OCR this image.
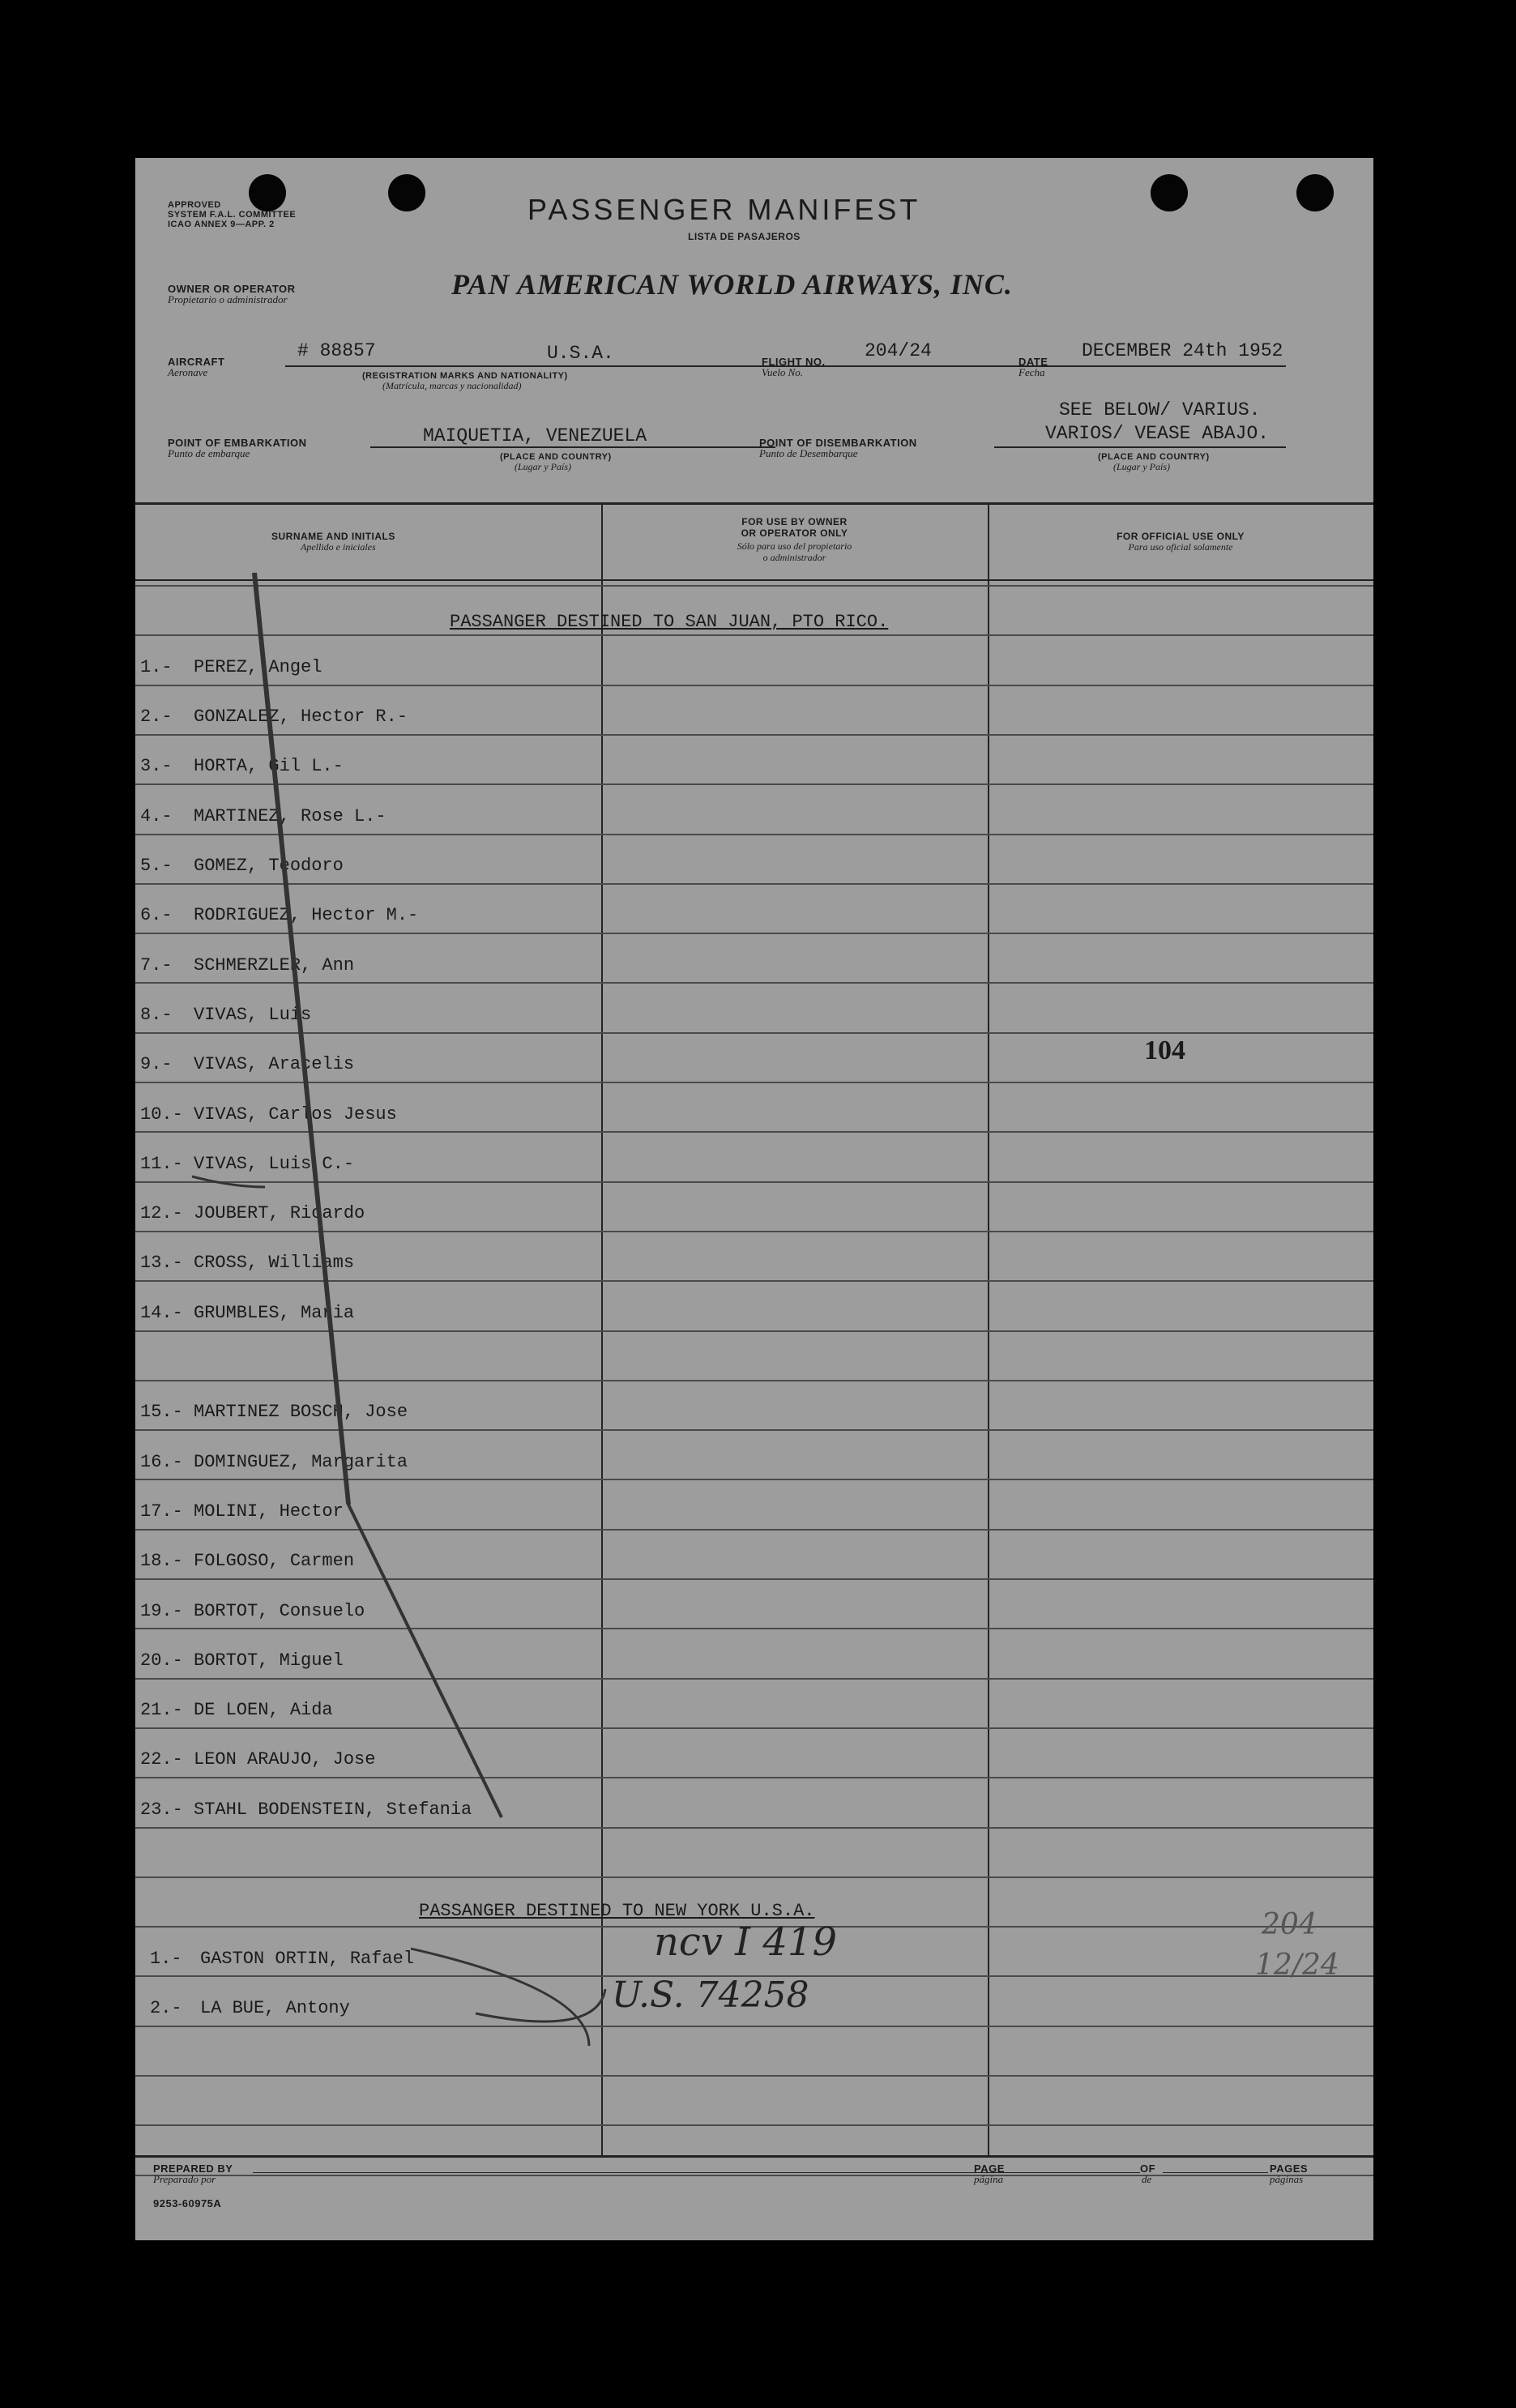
APPROVED
SYSTEM F.A.L. COMMITTEE
ICAO ANNEX 9—APP. 2	PASSENGER MANIFEST
LISTA DE PASAJEROS
OWNER OR OPERATOR
Propietario o administrador	PAN AMERICAN WORLD AIRWAYS, INC.
AIRCRAFT
Aeronave
# 88857	U.S.A.
(REGISTRATION MARKS AND NATIONALITY)
(Matrícula, marcas y nacionalidad)
FLIGHT NO.
Vuelo No.
204/24
DATE
Fecha
DECEMBER 24th 1952
POINT OF EMBARKATION
Punto de embarque
MAIQUETIA, VENEZUELA
(PLACE AND COUNTRY)
(Lugar y País)
POINT OF DISEMBARKATION
Punto de Desembarque
SEE BELOW/ VARIUS.
VARIOS/ VEASE ABAJO.
(PLACE AND COUNTRY)
(Lugar y País)
SURNAME AND INITIALS
Apellido e iniciales
FOR USE BY OWNER
OR OPERATOR ONLY
Sólo para uso del propietario
o administrador
FOR OFFICIAL USE ONLY
Para uso oficial solamente
PASSANGER DESTINED TO SAN JUAN, PTO RICO.
1.- PEREZ, Angel
2.- GONZALEZ, Hector R.-
3.- HORTA, Gil L.-
4.- MARTINEZ, Rose L.-
5.- GOMEZ, Teodoro
6.- RODRIGUEZ, Hector M.-
7.- SCHMERZLER, Ann
8.- VIVAS, Luis
9.- VIVAS, Aracelis
10.- VIVAS, Carlos Jesus
11.- VIVAS, Luis C.-
12.- JOUBERT, Ricardo
13.- CROSS, Williams
14.- GRUMBLES, Maria
15.- MARTINEZ BOSCH, Jose
16.- DOMINGUEZ, Margarita
17.- MOLINI, Hector
18.- FOLGOSO, Carmen
19.- BORTOT, Consuelo
20.- BORTOT, Miguel
21.- DE LOEN, Aida
22.- LEON ARAUJO, Jose
23.- STAHL BODENSTEIN, Stefania
PASSANGER DESTINED TO NEW YORK U.S.A.
1.- GASTON ORTIN, Rafael
2.- LA BUE, Antony
104
ncv I 419
U.S. 74258
204
12/24
PREPARED BY
Preparado por
PAGE
página
OF
de
PAGES
páginas
9253-60975A
